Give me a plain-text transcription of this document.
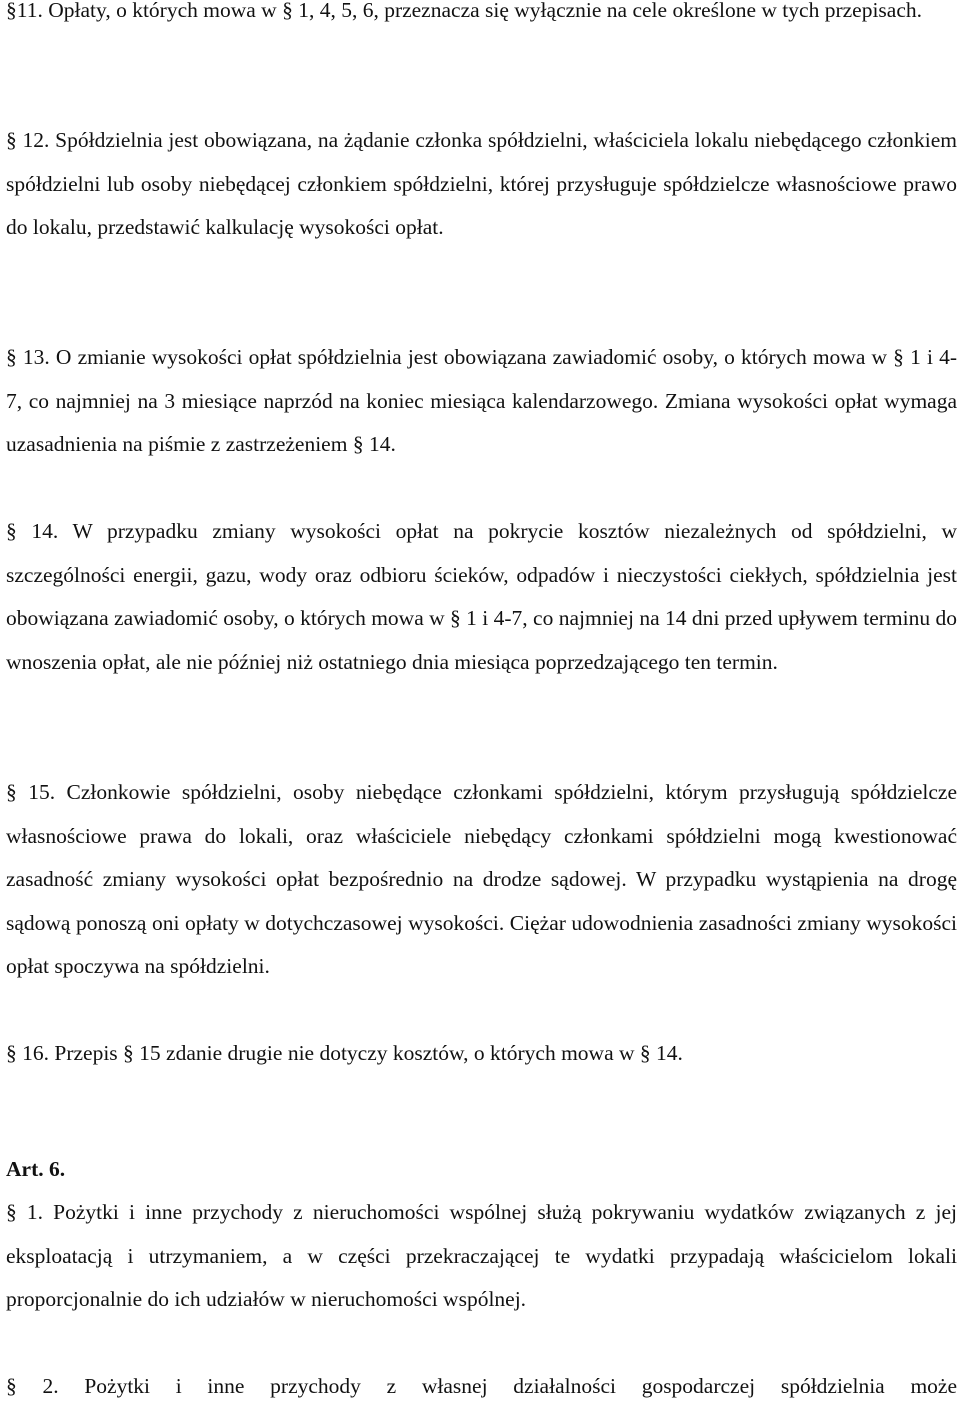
§11. Opłaty, o których mowa w § 1, 4, 5, 6, przeznacza się wyłącznie na cele określone w tych przepisach.

§ 12. Spółdzielnia jest obowiązana, na żądanie członka spółdzielni, właściciela lokalu niebędącego członkiem spółdzielni lub osoby niebędącej członkiem spółdzielni, której przysługuje spółdzielcze własnościowe prawo do lokalu, przedstawić kalkulację wysokości opłat.

§ 13. O zmianie wysokości opłat spółdzielnia jest obowiązana zawiadomić osoby, o których mowa w § 1 i 4-7, co najmniej na 3 miesiące naprzód na koniec miesiąca kalendarzowego. Zmiana wysokości opłat wymaga uzasadnienia na piśmie z zastrzeżeniem § 14.

§ 14. W przypadku zmiany wysokości opłat na pokrycie kosztów niezależnych od spółdzielni, w szczególności energii, gazu, wody oraz odbioru ścieków, odpadów i nieczystości ciekłych, spółdzielnia jest obowiązana zawiadomić osoby, o których mowa w § 1 i 4-7, co najmniej na 14 dni przed upływem terminu do wnoszenia opłat, ale nie później niż ostatniego dnia miesiąca poprzedzającego ten termin.

§ 15. Członkowie spółdzielni, osoby niebędące członkami spółdzielni, którym przysługują spółdzielcze własnościowe prawa do lokali, oraz właściciele niebędący członkami spółdzielni mogą kwestionować zasadność zmiany wysokości opłat bezpośrednio na drodze sądowej. W przypadku wystąpienia na drogę sądową ponoszą oni opłaty w dotychczasowej wysokości. Ciężar udowodnienia zasadności zmiany wysokości opłat spoczywa na spółdzielni.

§ 16. Przepis § 15 zdanie drugie nie dotyczy kosztów, o których mowa w § 14.

Art. 6.

§ 1. Pożytki i inne przychody z nieruchomości wspólnej służą pokrywaniu wydatków związanych z jej eksploatacją i utrzymaniem, a w części przekraczającej te wydatki przypadają właścicielom lokali proporcjonalnie do ich udziałów w nieruchomości wspólnej.

§ 2. Pożytki i inne przychody z własnej działalności gospodarczej spółdzielnia może
